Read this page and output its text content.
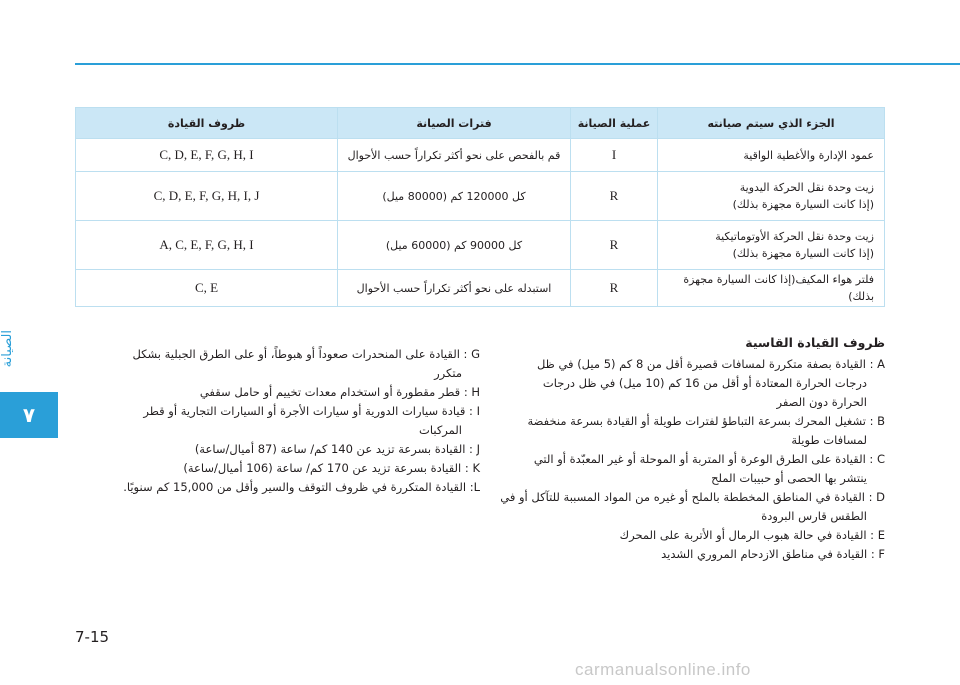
الصيانة
٧
الجزء الذي سيتم صيانته	عملية الصيانة	فترات الصيانة	ظروف القيادة

عمود الإدارة والأغطية الواقية	I	قم بالفحص على نحو أكثر تكراراً حسب الأحوال	C, D, E, F, G, H, I

زيت وحدة نقل الحركة اليدوية
(إذا كانت السيارة مجهزة بذلك)	R	كل 120000 كم (80000 ميل)	C, D, E, F, G, H, I, J

زيت وحدة نقل الحركة الأوتوماتيكية
(إذا كانت السيارة مجهزة بذلك)	R	كل 90000 كم (60000 ميل)	A, C, E, F, G, H, I

فلتر هواء المكيف(إذا كانت السيارة مجهزة بذلك)	R	استبدله على نحو أكثر تكراراً حسب الأحوال	C, E
ظروف القيادة القاسية
A : القيادة بصفة متكررة لمسافات قصيرة أقل من 8 كم (5 ميل) في ظل
درجات الحرارة المعتادة أو أقل من 16 كم (10 ميل) في ظل درجات
الحرارة دون الصفر
B : تشغيل المحرك بسرعة التباطؤ لفترات طويلة أو القيادة بسرعة منخفضة
لمسافات طويلة
C : القيادة على الطرق الوعرة أو المتربة أو الموحلة أو غير المعبّدة أو التي
ينتشر بها الحصى أو حبيبات الملح
D : القيادة في المناطق المخططة بالملح أو غيره من المواد المسببة للتآكل أو في
الطقس قارس البرودة
E : القيادة في حالة هبوب الرمال أو الأتربة على المحرك
F : القيادة في مناطق الازدحام المروري الشديد
G : القيادة على المنحدرات صعوداً أو هبوطاً، أو على الطرق الجبلية بشكل
متكرر
H : قطر مقطورة أو استخدام معدات تخييم أو حامل سقفي
I : قيادة سيارات الدورية أو سيارات الأجرة أو السيارات التجارية أو قطر
المركبات
J : القيادة بسرعة تزيد عن 140 كم/ ساعة (87 أميال/ساعة)
K : القيادة بسرعة تزيد عن 170 كم/ ساعة (106 أميال/ساعة)
L: القيادة المتكررة في ظروف التوقف والسير وأقل من 15,000 كم سنويًا.
7-15
carmanualsonline.info
